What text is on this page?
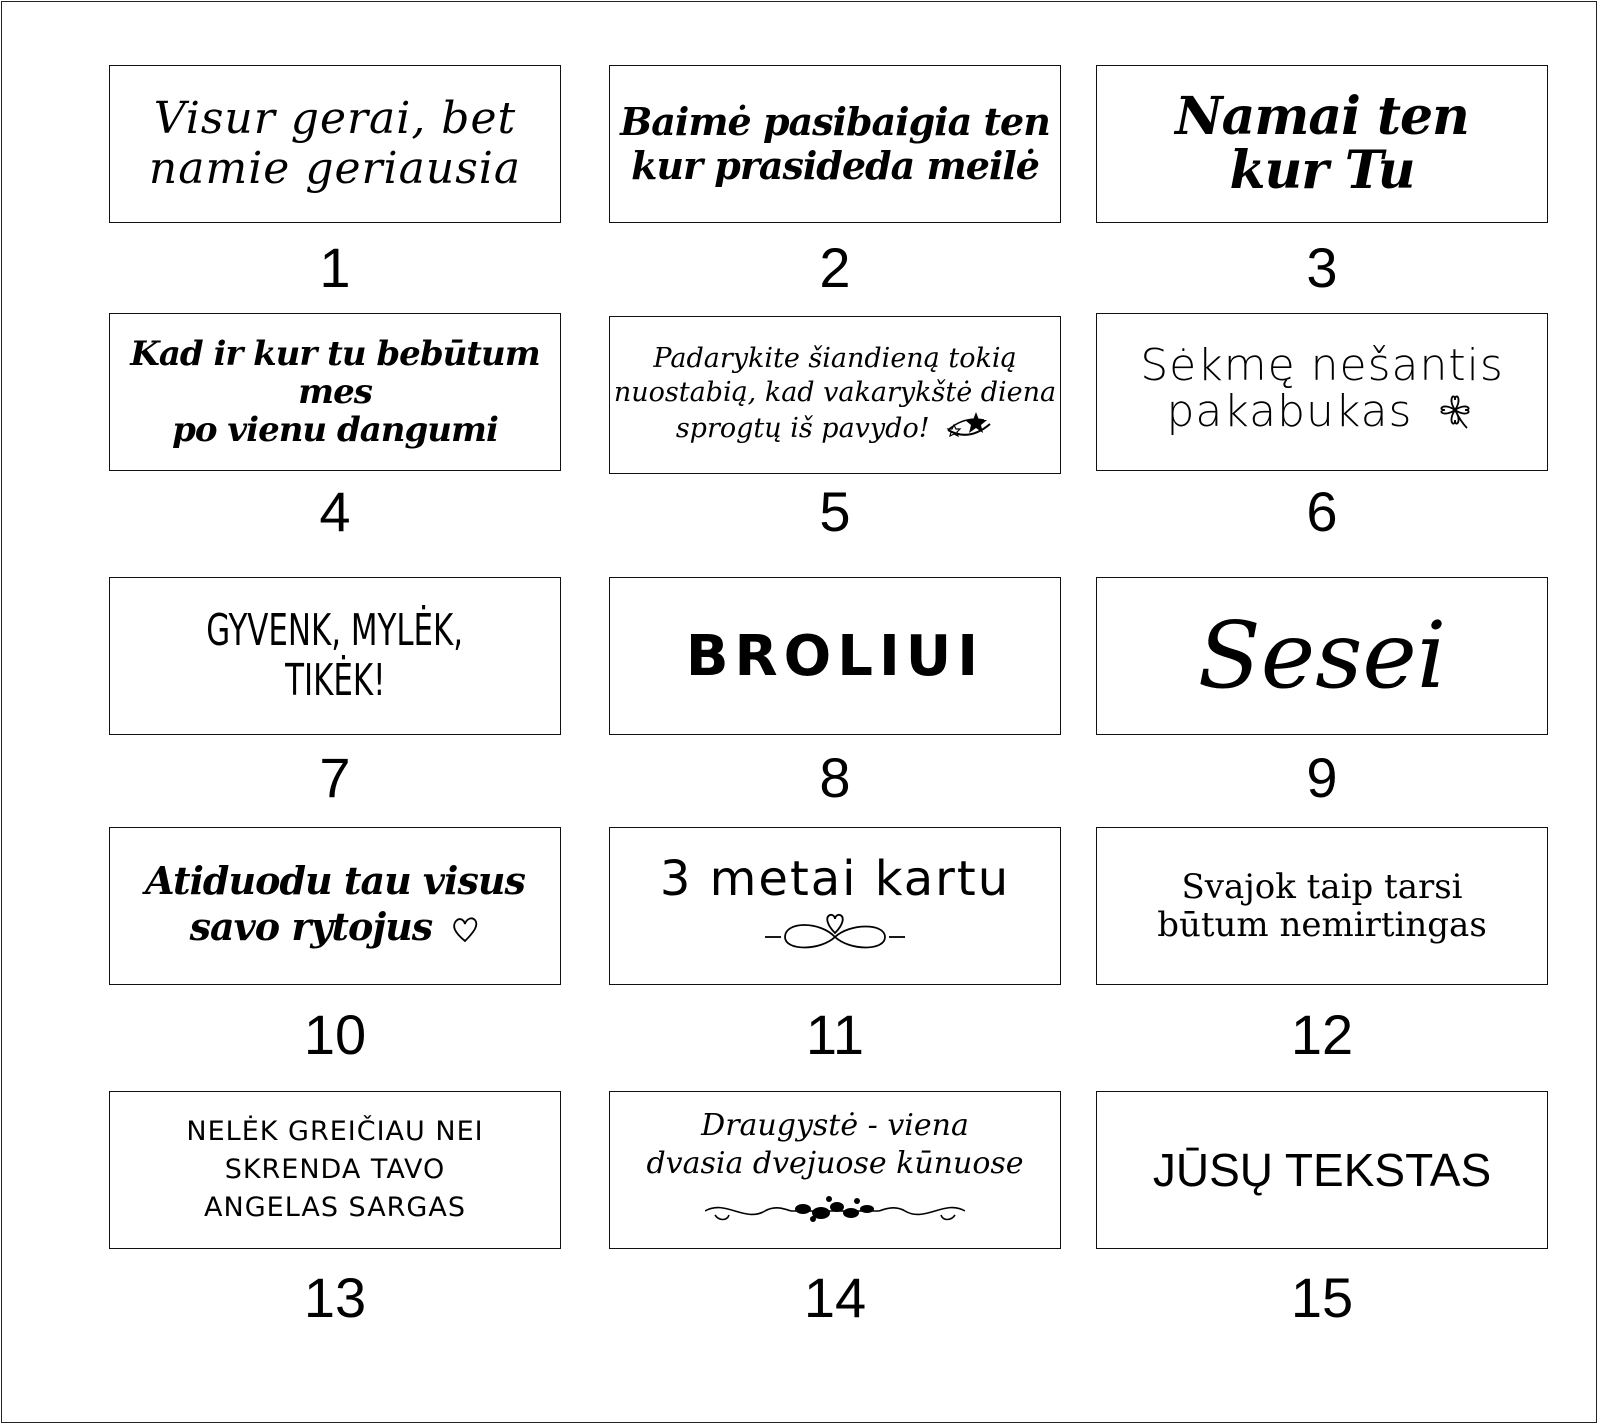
Visur gerai, bet
namie geriausia
1
Baimė pasibaigia ten
kur prasideda meilė
2
Namai ten
kur Tu
3
Kad ir kur tu bebūtum
mes
po vienu dangumi
4
Padarykite šiandieną tokią
nuostabią, kad vakarykštė diena
sprogtų iš pavydo!
5
Sėkmę nešantis
pakabukas
6
GYVENK, MYLĖK,
TIKĖK!
7
BROLIUI
8
Sesei
9
Atiduodu tau visus
savo rytojus
10
3 metai kartu
11
Svajok taip tarsi
būtum nemirtingas
12
NELĖK GREIČIAU NEI
SKRENDA TAVO
ANGELAS SARGAS
13
Draugystė - viena
dvasia dvejuose kūnuose
14
JŪSŲ TEKSTAS
15
